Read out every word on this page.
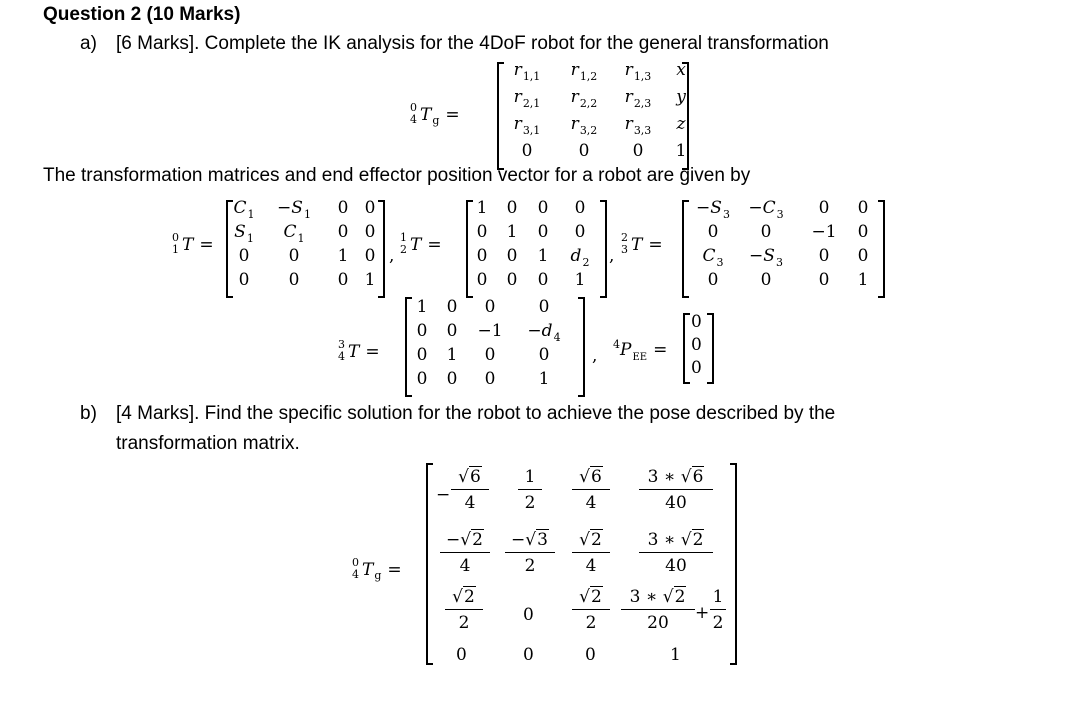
Question 2 (10 Marks)
a) [6 Marks]. Complete the IK analysis for the 4DoF robot for the general transformation
0
4 T g =
$r_{1,1}$	$r_{1,2}$	$r_{1,3}$	x
$r_{2,1}$	$r_{2,2}$	$r_{2,3}$	y
$r_{3,1}$	$r_{3,2}$	$r_{3,3}$	z
0	0	0	1
The transformation matrices and end effector position vector for a robot are given by
0
1 T =
$C_1$	$-S_1$	0 0
$S_1$	$C_1$	0 0
0	0	1 0
0	0	0 1
,
1
2 T =
1	0	0	0
0	1	0	0
0	0	1	$d_2$
0	0	0	1
,
2
3 T =
$-S_3$	$-C_3$	0	0
0	0	−1	0
$C_3$	$-S_3$	0	0
0	0	0	1
3
4 T =
1	0	0	0
0	0	−1	$-d_4$
0	1	0	0
0	0	0	1
,
$^4P_{EE}$ =
0
0
0
b) [4 Marks]. Find the specific solution for the robot to achieve the pose described by the
transformation matrix.
0
4 T g =
− $\frac{√6}{4} \frac{1}{2} \frac{√6}{4} \frac{3 ∗ √6}{40}$
$\frac{-√2}{4} \frac{-√3}{2} \frac{√2}{4} \frac{3 ∗ √2}{40}$
$\frac{√2}{2} 0 \frac{√2}{2} \frac{3 ∗ √2}{20} + \frac{1}{2}$
0	0	0	1
